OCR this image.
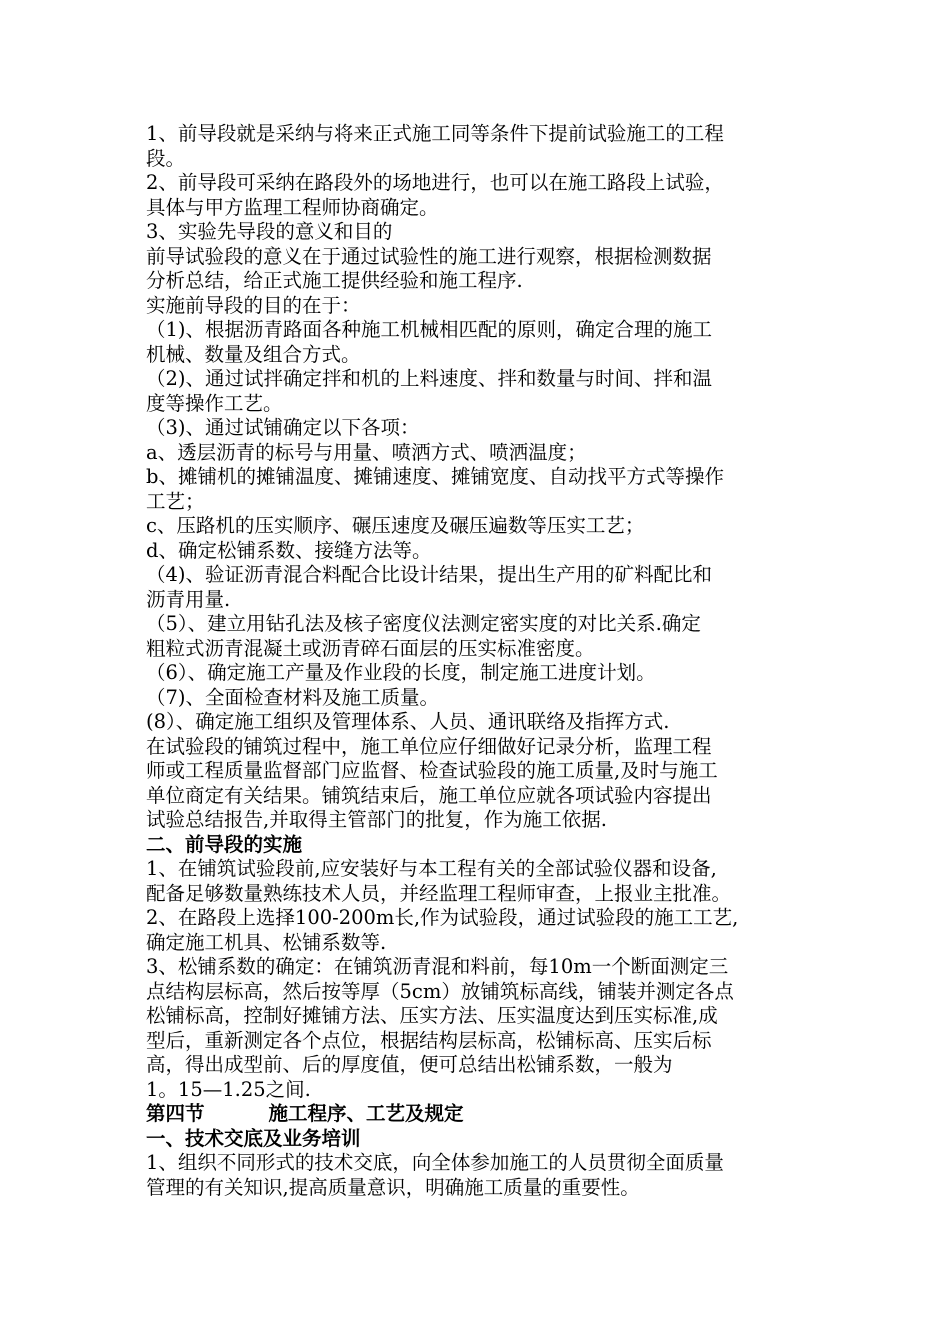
1、前导段就是采纳与将来正式施工同等条件下提前试验施工的工程

段。

2、前导段可采纳在路段外的场地进行，也可以在施工路段上试验，

具体与甲方监理工程师协商确定。

3、实验先导段的意义和目的

前导试验段的意义在于通过试验性的施工进行观察，根据检测数据

分析总结，给正式施工提供经验和施工程序.

实施前导段的目的在于：

（1)、根据沥青路面各种施工机械相匹配的原则，确定合理的施工

机械、数量及组合方式。

（2)、通过试拌确定拌和机的上料速度、拌和数量与时间、拌和温

度等操作工艺。

（3)、通过试铺确定以下各项：

a、透层沥青的标号与用量、喷洒方式、喷洒温度；

b、摊铺机的摊铺温度、摊铺速度、摊铺宽度、自动找平方式等操作

工艺；

c、压路机的压实顺序、碾压速度及碾压遍数等压实工艺；

d、确定松铺系数、接缝方法等。

（4)、验证沥青混合料配合比设计结果，提出生产用的矿料配比和

沥青用量.

（5）、建立用钻孔法及核子密度仪法测定密实度的对比关系.确定

粗粒式沥青混凝土或沥青碎石面层的压实标准密度。

（6）、确定施工产量及作业段的长度，制定施工进度计划。

（7)、全面检查材料及施工质量。

(8）、确定施工组织及管理体系、人员、通讯联络及指挥方式.

在试验段的铺筑过程中，施工单位应仔细做好记录分析，监理工程

师或工程质量监督部门应监督、检查试验段的施工质量,及时与施工

单位商定有关结果。铺筑结束后，施工单位应就各项试验内容提出

试验总结报告,并取得主管部门的批复，作为施工依据.

二、前导段的实施

1、在铺筑试验段前,应安装好与本工程有关的全部试验仪器和设备,

配备足够数量熟练技术人员，并经监理工程师审查，上报业主批准。

2、在路段上选择100-200m长,作为试验段，通过试验段的施工工艺,

确定施工机具、松铺系数等.

3、松铺系数的确定：在铺筑沥青混和料前，每10m一个断面测定三

点结构层标高，然后按等厚（5cm）放铺筑标高线，铺装并测定各点

松铺标高，控制好摊铺方法、压实方法、压实温度达到压实标准,成

型后，重新测定各个点位，根据结构层标高，松铺标高、压实后标

高，得出成型前、后的厚度值，便可总结出松铺系数，一般为

1。15—1.25之间.

第四节	施工程序、工艺及规定

一、技术交底及业务培训

1、组织不同形式的技术交底，向全体参加施工的人员贯彻全面质量

管理的有关知识,提高质量意识，明确施工质量的重要性。
